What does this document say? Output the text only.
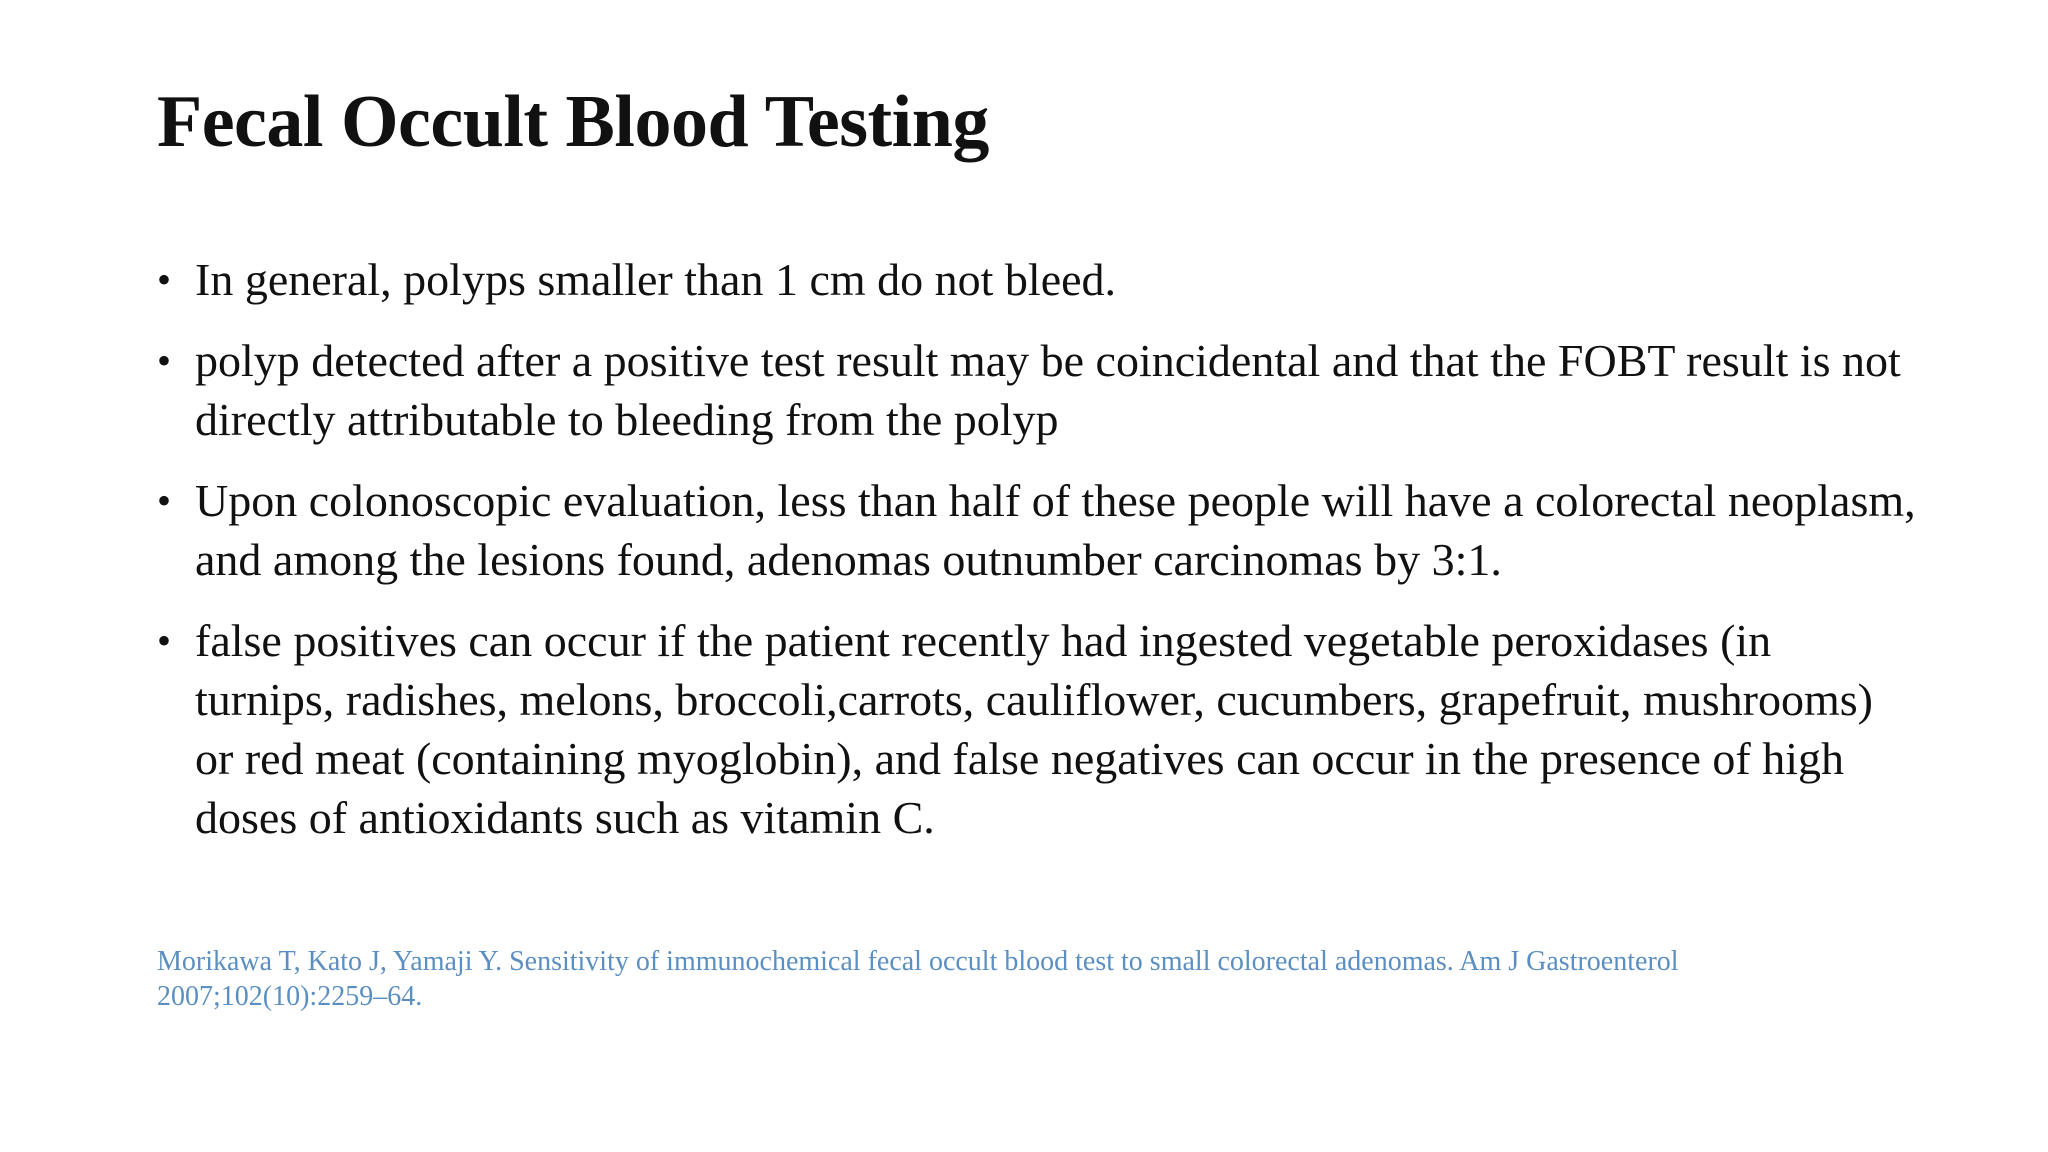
Fecal Occult Blood Testing
• In general, polyps smaller than 1 cm do not bleed.
• polyp detected after a positive test result may be coincidental and that the FOBT result is not directly attributable to bleeding from the polyp
• Upon colonoscopic evaluation, less than half of these people will have a colorectal neoplasm, and among the lesions found, adenomas outnumber carcinomas by 3:1.
• false positives can occur if the patient recently had ingested vegetable peroxidases (in turnips, radishes, melons, broccoli,carrots, cauliflower, cucumbers, grapefruit, mushrooms) or red meat (containing myoglobin), and false negatives can occur in the presence of high doses of antioxidants such as vitamin C.

Morikawa T, Kato J, Yamaji Y. Sensitivity of immunochemical fecal occult blood test to small colorectal adenomas. Am J Gastroenterol 2007;102(10):2259–64.
